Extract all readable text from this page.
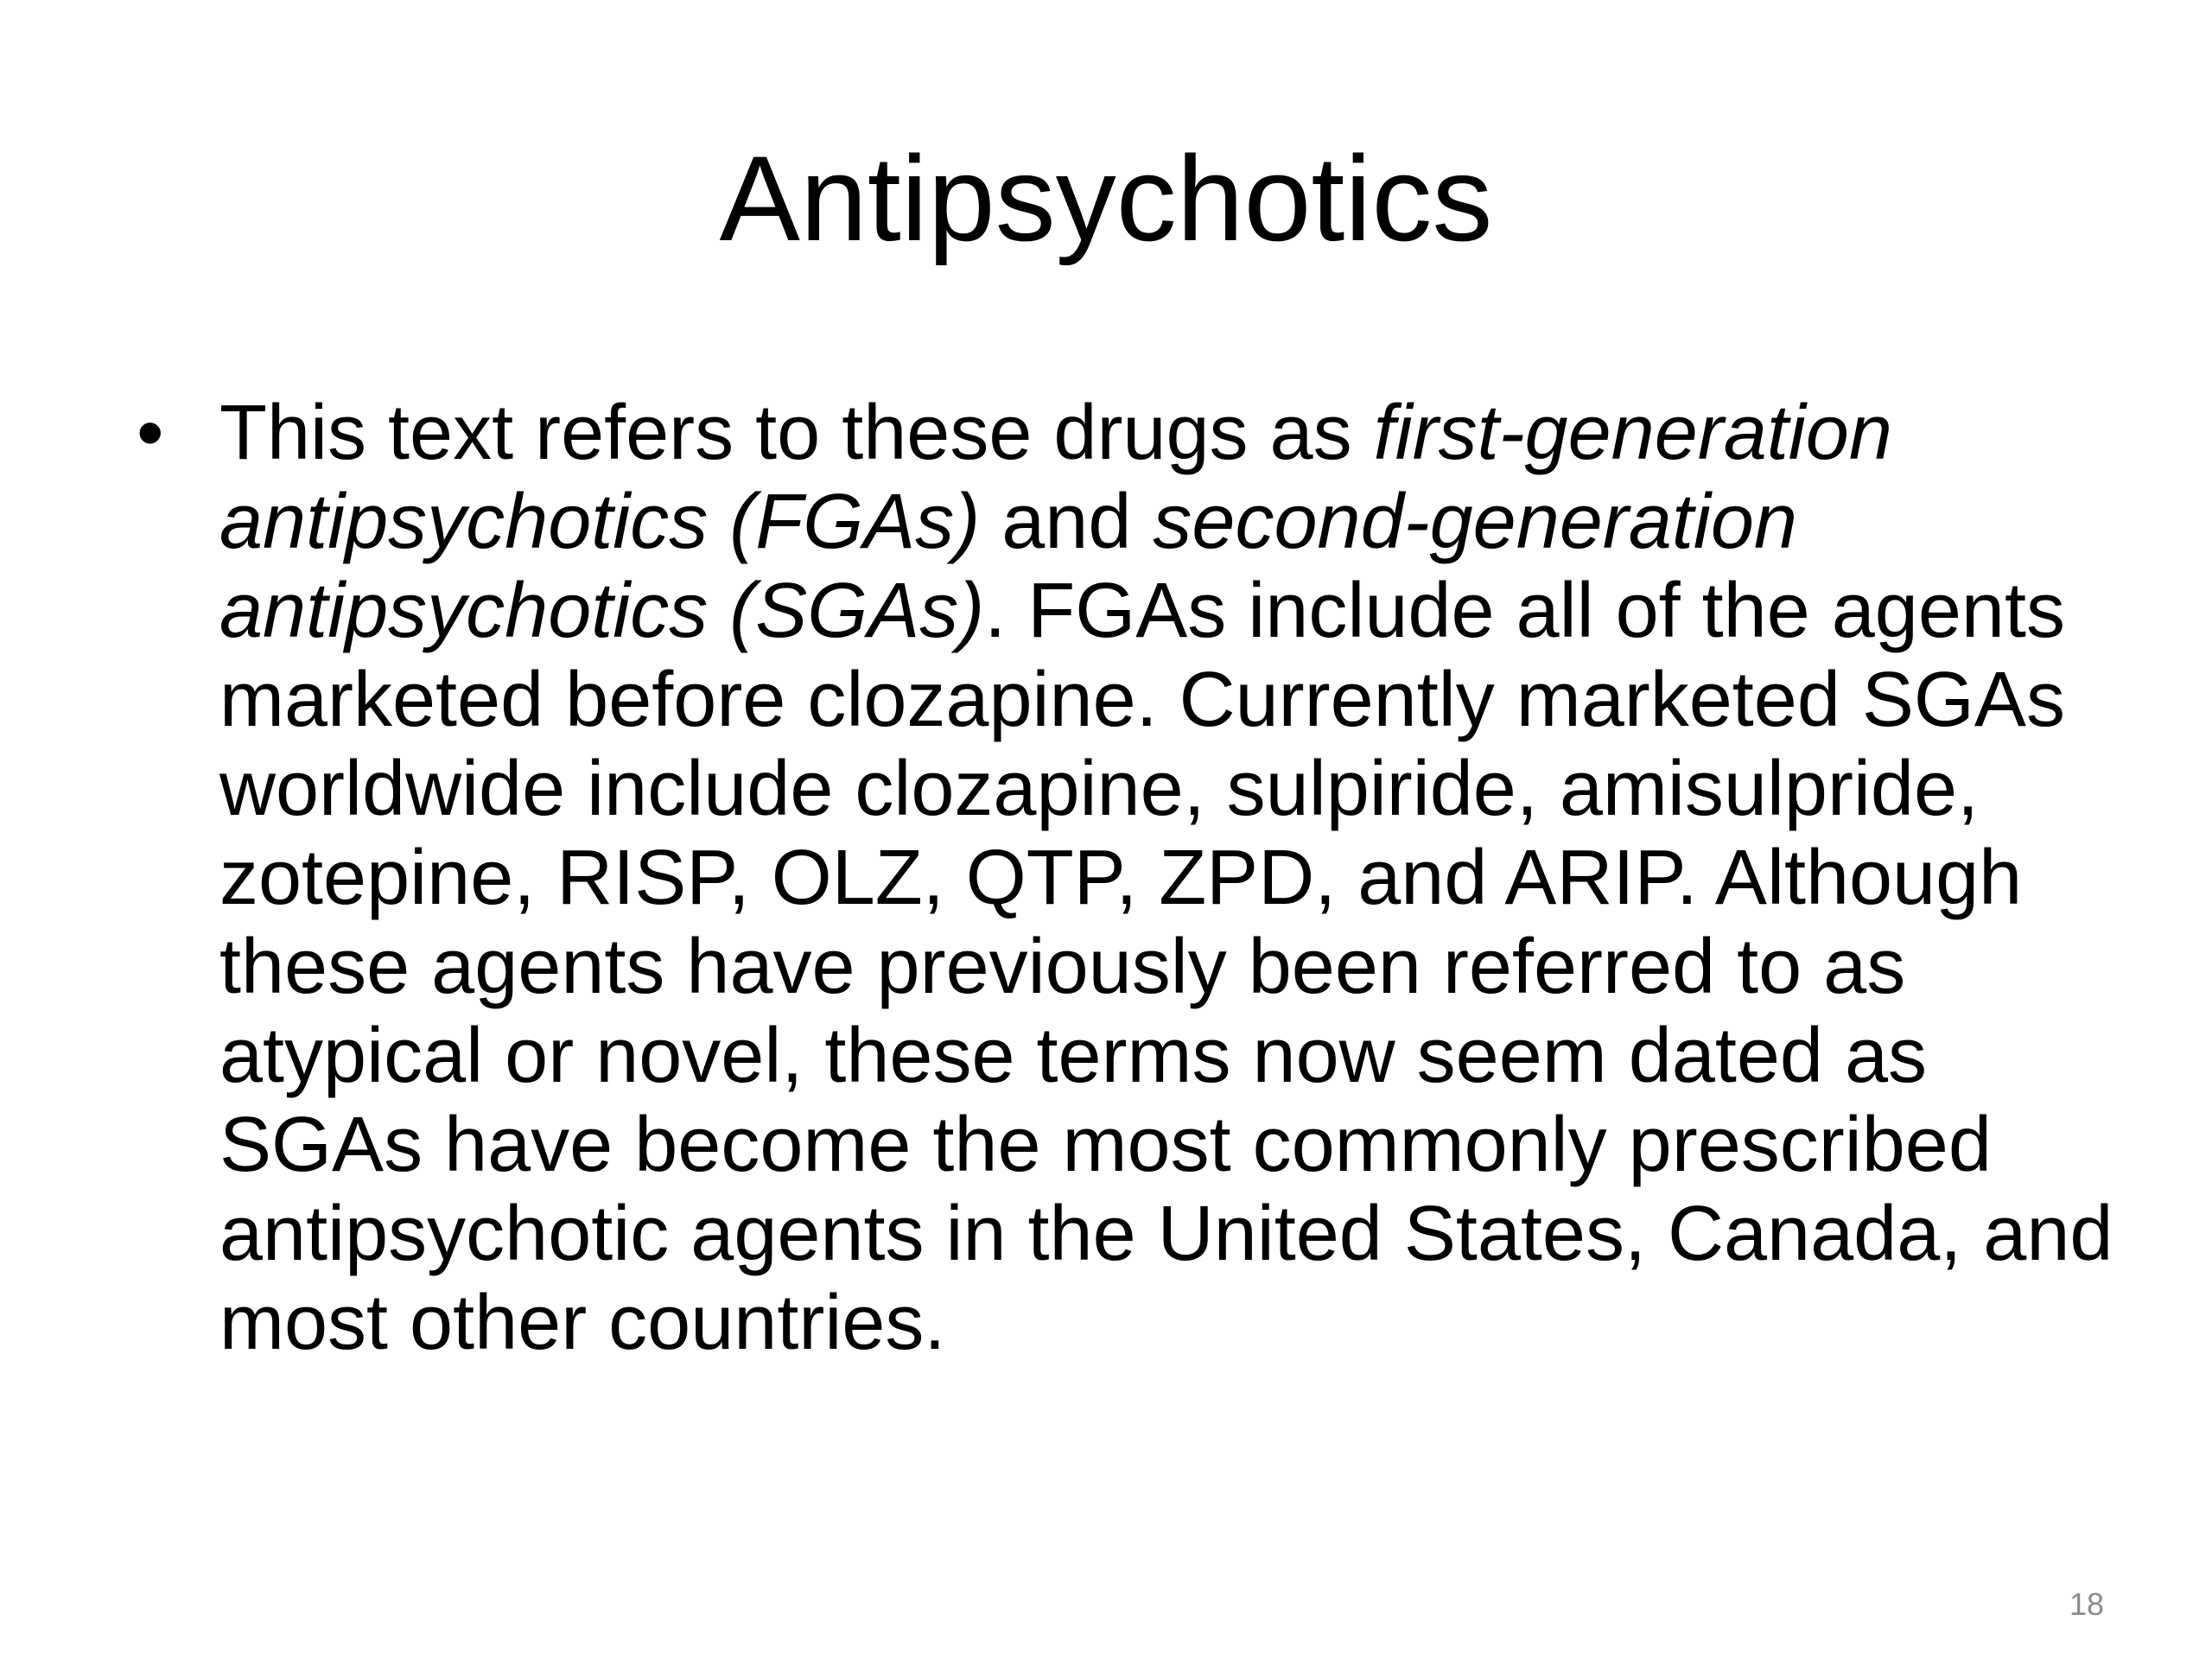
Antipsychotics
• This text refers to these drugs as first-generation antipsychotics (FGAs) and second-generation antipsychotics (SGAs). FGAs include all of the agents marketed before clozapine. Currently marketed SGAs worldwide include clozapine, sulpiride, amisulpride, zotepine, RISP, OLZ, QTP, ZPD, and ARIP. Although these agents have previously been referred to as atypical or novel, these terms now seem dated as SGAs have become the most commonly prescribed antipsychotic agents in the United States, Canada, and most other countries.
18
